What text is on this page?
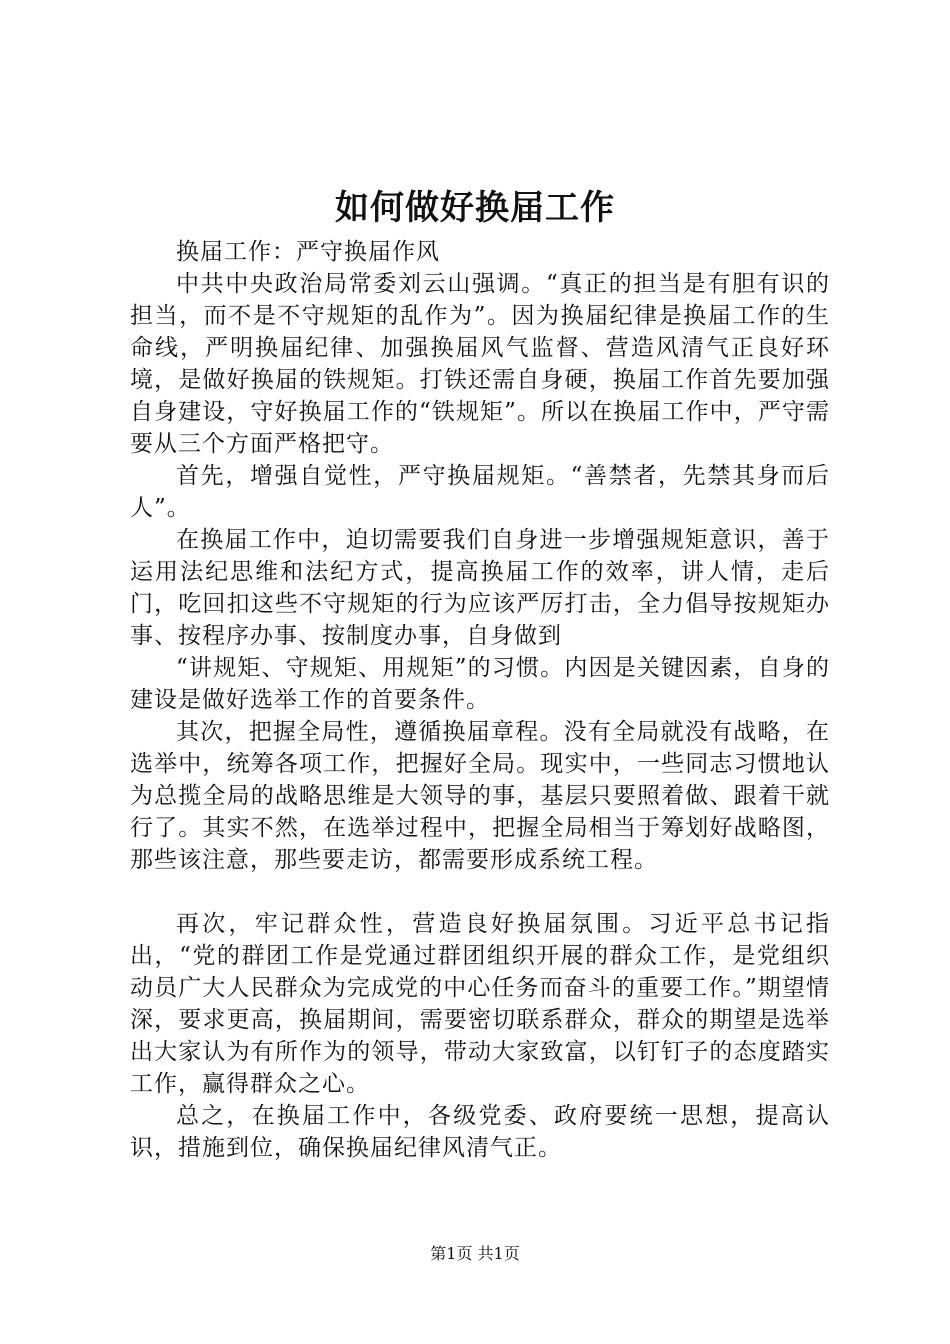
如何做好换届工作

换届工作：严守换届作风

中共中央政治局常委刘云山强调。“真正的担当是有胆有识的担当，而不是不守规矩的乱作为”。因为换届纪律是换届工作的生命线，严明换届纪律、加强换届风气监督、营造风清气正良好环境，是做好换届的铁规矩。打铁还需自身硬，换届工作首先要加强自身建设，守好换届工作的“铁规矩”。所以在换届工作中，严守需要从三个方面严格把守。

首先，增强自觉性，严守换届规矩。“善禁者，先禁其身而后人”。

在换届工作中，迫切需要我们自身进一步增强规矩意识，善于运用法纪思维和法纪方式，提高换届工作的效率，讲人情，走后门，吃回扣这些不守规矩的行为应该严厉打击，全力倡导按规矩办事、按程序办事、按制度办事，自身做到

“讲规矩、守规矩、用规矩”的习惯。内因是关键因素，自身的建设是做好选举工作的首要条件。

其次，把握全局性，遵循换届章程。没有全局就没有战略，在选举中，统筹各项工作，把握好全局。现实中，一些同志习惯地认为总揽全局的战略思维是大领导的事，基层只要照着做、跟着干就行了。其实不然，在选举过程中，把握全局相当于筹划好战略图，那些该注意，那些要走访，都需要形成系统工程。

再次，牢记群众性，营造良好换届氛围。习近平总书记指出，“党的群团工作是党通过群团组织开展的群众工作，是党组织动员广大人民群众为完成党的中心任务而奋斗的重要工作。”期望情深，要求更高，换届期间，需要密切联系群众，群众的期望是选举出大家认为有所作为的领导，带动大家致富，以钉钉子的态度踏实工作，赢得群众之心。

总之，在换届工作中，各级党委、政府要统一思想，提高认识，措施到位，确保换届纪律风清气正。

第1页 共1页
